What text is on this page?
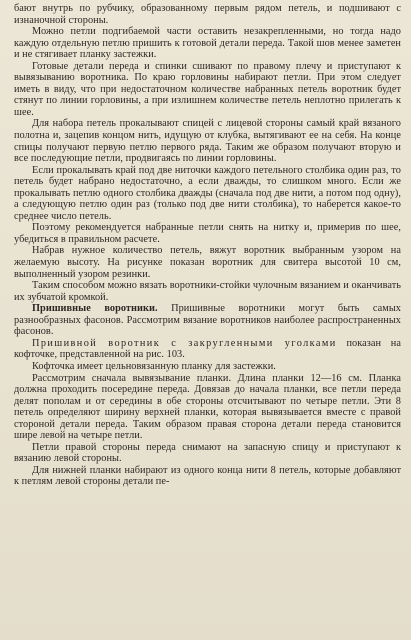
бают внутрь по рубчику, образованному первым рядом петель, и подшивают с изнаночной стороны.

Можно петли подгибаемой части оставить незакрепленными, но тогда надо каждую отдельную петлю пришить к готовой детали переда. Такой шов менее заметен и не стягивает планку застежки.

Готовые детали переда и спинки сшивают по правому плечу и приступают к вывязыванию воротника. По краю горловины набирают петли. При этом следует иметь в виду, что при недостаточном количестве набранных петель воротник будет стянут по линии горловины, а при излишнем количестве петель неплотно прилегать к шее.

Для набора петель прокалывают спицей с лицевой стороны самый край вязаного полотна и, зацепив концом нить, идущую от клубка, вытягивают ее на себя. На конце спицы получают первую петлю первого ряда. Таким же образом получают вторую и все последующие петли, продвигаясь по линии горловины.

Если прокалывать край под две ниточки каждого петельного столбика один раз, то петель будет набрано недостаточно, а если дважды, то слишком много. Если же прокалывать петлю одного столбика дважды (сначала под две нити, а потом под одну), а следующую петлю один раз (только под две нити столбика), то наберется какое-то среднее число петель.

Поэтому рекомендуется набранные петли снять на нитку и, примерив по шее, убедиться в правильном расчете.

Набрав нужное количество петель, вяжут воротник выбранным узором на желаемую высоту. На рисунке показан воротник для свитера высотой 10 см, выполненный узором резинки.

Таким способом можно вязать воротники-стойки чулочным вязанием и оканчивать их зубчатой кромкой.

Пришивные воротники. Пришивные воротники могут быть самых разнообразных фасонов. Рассмотрим вязание воротников наиболее распространенных фасонов.

Пришивной воротник с закругленными уголками показан на кофточке, представленной на рис. 103.

Кофточка имеет цельновязанную планку для застежки.

Рассмотрим сначала вывязывание планки. Длина планки 12—16 см. Планка должна проходить посередине переда. Довязав до начала планки, все петли переда делят пополам и от середины в обе стороны отсчитывают по четыре петли. Эти 8 петель определяют ширину верхней планки, которая вывязывается вместе с правой стороной детали переда. Таким образом правая сторона детали переда становится шире левой на четыре петли.

Петли правой стороны переда снимают на запасную спицу и приступают к вязанию левой стороны.

Для нижней планки набирают из одного конца нити 8 петель, которые добавляют к петлям левой стороны детали пе-
